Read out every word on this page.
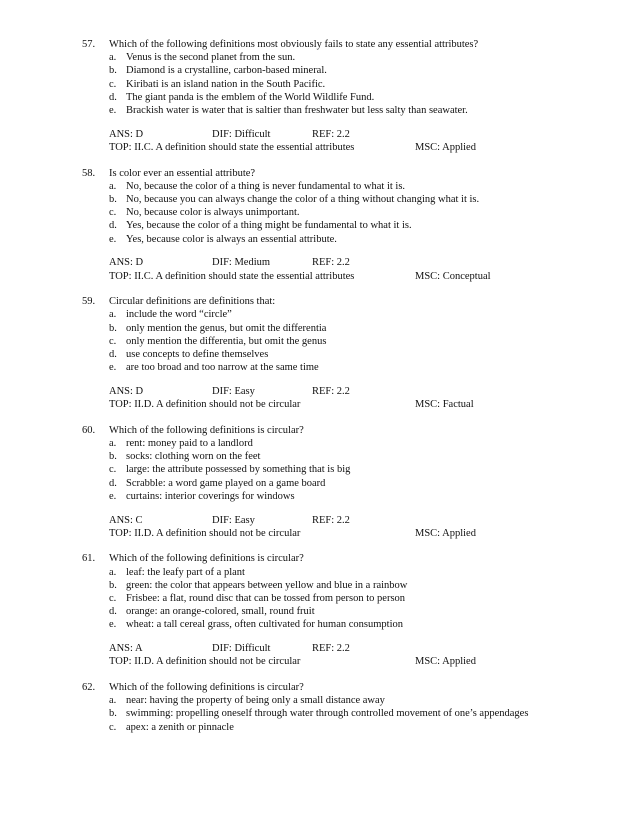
57. Which of the following definitions most obviously fails to state any essential attributes?
a. Venus is the second planet from the sun.
b. Diamond is a crystalline, carbon-based mineral.
c. Kiribati is an island nation in the South Pacific.
d. The giant panda is the emblem of the World Wildlife Fund.
e. Brackish water is water that is saltier than freshwater but less salty than seawater.
ANS: D	DIF: Difficult	REF: 2.2
TOP: II.C. A definition should state the essential attributes	MSC: Applied
58. Is color ever an essential attribute?
a. No, because the color of a thing is never fundamental to what it is.
b. No, because you can always change the color of a thing without changing what it is.
c. No, because color is always unimportant.
d. Yes, because the color of a thing might be fundamental to what it is.
e. Yes, because color is always an essential attribute.
ANS: D	DIF: Medium	REF: 2.2
TOP: II.C. A definition should state the essential attributes	MSC: Conceptual
59. Circular definitions are definitions that:
a. include the word “circle”
b. only mention the genus, but omit the differentia
c. only mention the differentia, but omit the genus
d. use concepts to define themselves
e. are too broad and too narrow at the same time
ANS: D	DIF: Easy	REF: 2.2
TOP: II.D. A definition should not be circular	MSC: Factual
60. Which of the following definitions is circular?
a. rent: money paid to a landlord
b. socks: clothing worn on the feet
c. large: the attribute possessed by something that is big
d. Scrabble: a word game played on a game board
e. curtains: interior coverings for windows
ANS: C	DIF: Easy	REF: 2.2
TOP: II.D. A definition should not be circular	MSC: Applied
61. Which of the following definitions is circular?
a. leaf: the leafy part of a plant
b. green: the color that appears between yellow and blue in a rainbow
c. Frisbee: a flat, round disc that can be tossed from person to person
d. orange: an orange-colored, small, round fruit
e. wheat: a tall cereal grass, often cultivated for human consumption
ANS: A	DIF: Difficult	REF: 2.2
TOP: II.D. A definition should not be circular	MSC: Applied
62. Which of the following definitions is circular?
a. near: having the property of being only a small distance away
b. swimming: propelling oneself through water through controlled movement of one’s appendages
c. apex: a zenith or pinnacle
